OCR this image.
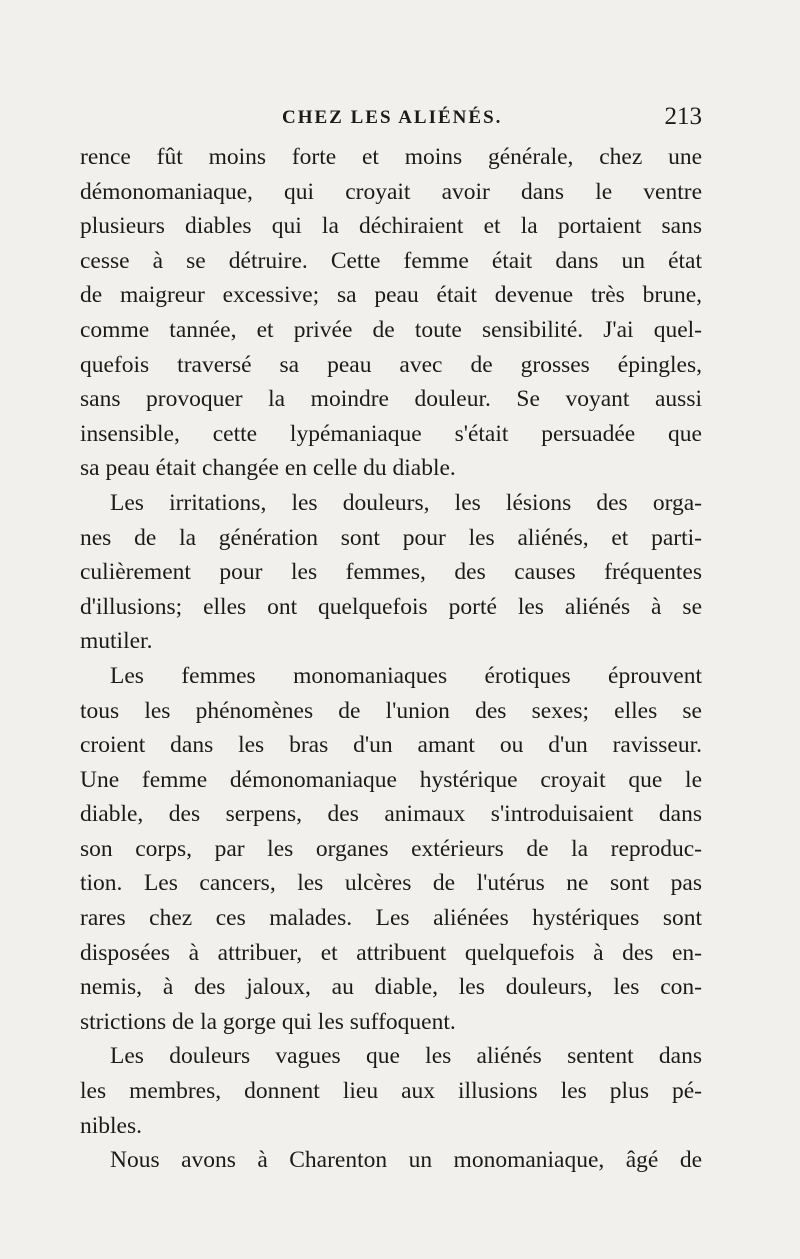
CHEZ LES ALIÉNÉS.	213
rence fût moins forte et moins générale, chez une
démonomaniaque, qui croyait avoir dans le ventre
plusieurs diables qui la déchiraient et la portaient sans
cesse à se détruire. Cette femme était dans un état
de maigreur excessive; sa peau était devenue très brune,
comme tannée, et privée de toute sensibilité. J'ai quel-
quefois traversé sa peau avec de grosses épingles,
sans provoquer la moindre douleur. Se voyant aussi
insensible, cette lypémaniaque s'était persuadée que
sa peau était changée en celle du diable.
Les irritations, les douleurs, les lésions des orga-
nes de la génération sont pour les aliénés, et parti-
culièrement pour les femmes, des causes fréquentes
d'illusions; elles ont quelquefois porté les aliénés à se
mutiler.
Les femmes monomaniaques érotiques éprouvent
tous les phénomènes de l'union des sexes; elles se
croient dans les bras d'un amant ou d'un ravisseur.
Une femme démonomaniaque hystérique croyait que le
diable, des serpens, des animaux s'introduisaient dans
son corps, par les organes extérieurs de la reproduc-
tion. Les cancers, les ulcères de l'utérus ne sont pas
rares chez ces malades. Les aliénées hystériques sont
disposées à attribuer, et attribuent quelquefois à des en-
nemis, à des jaloux, au diable, les douleurs, les con-
strictions de la gorge qui les suffoquent.
Les douleurs vagues que les aliénés sentent dans
les membres, donnent lieu aux illusions les plus pé-
nibles.
Nous avons à Charenton un monomaniaque, âgé de
